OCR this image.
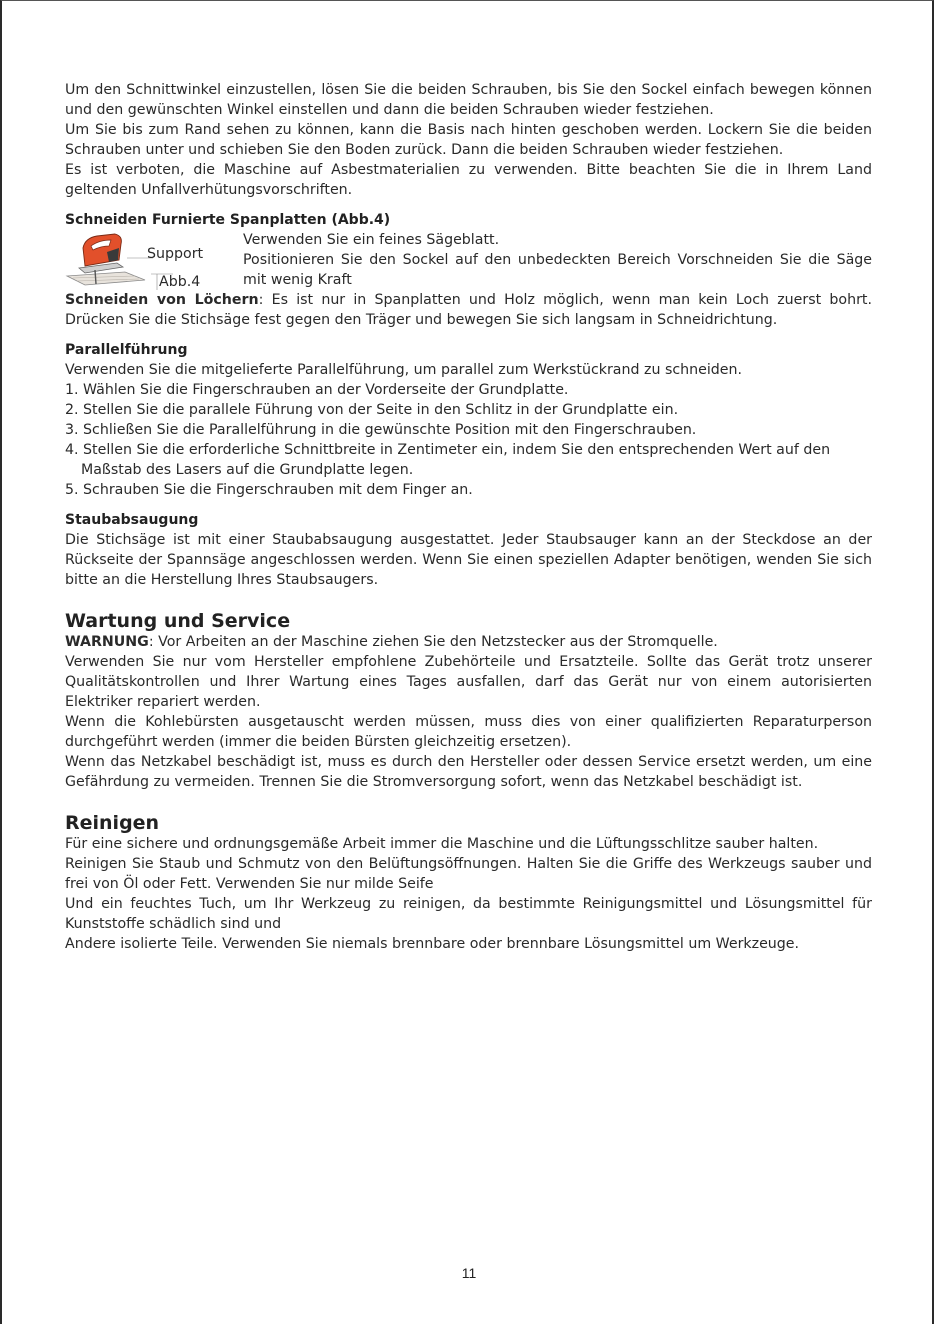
Um den Schnittwinkel einzustellen, lösen Sie die beiden Schrauben, bis Sie den Sockel einfach bewegen können und den gewünschten Winkel einstellen und dann die beiden Schrauben wieder festziehen.

Um Sie bis zum Rand sehen zu können, kann die Basis nach hinten geschoben werden. Lockern Sie die beiden Schrauben unter und schieben Sie den Boden zurück. Dann die beiden Schrauben wieder festziehen.

Es ist verboten, die Maschine auf Asbestmaterialien zu verwenden. Bitte beachten Sie die in Ihrem Land geltenden Unfallverhütungsvorschriften.

Schneiden Furnierte Spanplatten (Abb.4)
Support
Abb.4

Verwenden Sie ein feines Sägeblatt.

Positionieren Sie den Sockel auf den unbedeckten Bereich Vorschneiden Sie die Säge mit wenig Kraft

Schneiden von Löchern: Es ist nur in Spanplatten und Holz möglich, wenn man kein Loch zuerst bohrt. Drücken Sie die Stichsäge fest gegen den Träger und bewegen Sie sich langsam in Schneidrichtung.

Parallelführung

Verwenden Sie die mitgelieferte Parallelführung, um parallel zum Werkstückrand zu schneiden.

1. Wählen Sie die Fingerschrauben an der Vorderseite der Grundplatte.
2. Stellen Sie die parallele Führung von der Seite in den Schlitz in der Grundplatte ein.
3. Schließen Sie die Parallelführung in die gewünschte Position mit den Fingerschrauben.
4. Stellen Sie die erforderliche Schnittbreite in Zentimeter ein, indem Sie den entsprechenden Wert auf den Maßstab des Lasers auf die Grundplatte legen.
5. Schrauben Sie die Fingerschrauben mit dem Finger an.
Staubabsaugung

Die Stichsäge ist mit einer Staubabsaugung ausgestattet. Jeder Staubsauger kann an der Steckdose an der Rückseite der Spannsäge angeschlossen werden. Wenn Sie einen speziellen Adapter benötigen, wenden Sie sich bitte an die Herstellung Ihres Staubsaugers.

Wartung und Service

WARNUNG: Vor Arbeiten an der Maschine ziehen Sie den Netzstecker aus der Stromquelle.

Verwenden Sie nur vom Hersteller empfohlene Zubehörteile und Ersatzteile. Sollte das Gerät trotz unserer Qualitätskontrollen und Ihrer Wartung eines Tages ausfallen, darf das Gerät nur von einem autorisierten Elektriker repariert werden.

Wenn die Kohlebürsten ausgetauscht werden müssen, muss dies von einer qualifizierten Reparaturperson durchgeführt werden (immer die beiden Bürsten gleichzeitig ersetzen).

Wenn das Netzkabel beschädigt ist, muss es durch den Hersteller oder dessen Service ersetzt werden, um eine Gefährdung zu vermeiden. Trennen Sie die Stromversorgung sofort, wenn das Netzkabel beschädigt ist.

Reinigen

Für eine sichere und ordnungsgemäße Arbeit immer die Maschine und die Lüftungsschlitze sauber halten.

Reinigen Sie Staub und Schmutz von den Belüftungsöffnungen. Halten Sie die Griffe des Werkzeugs sauber und frei von Öl oder Fett. Verwenden Sie nur milde Seife

Und ein feuchtes Tuch, um Ihr Werkzeug zu reinigen, da bestimmte Reinigungsmittel und Lösungsmittel für Kunststoffe schädlich sind und

Andere isolierte Teile. Verwenden Sie niemals brennbare oder brennbare Lösungsmittel um Werkzeuge.

11
